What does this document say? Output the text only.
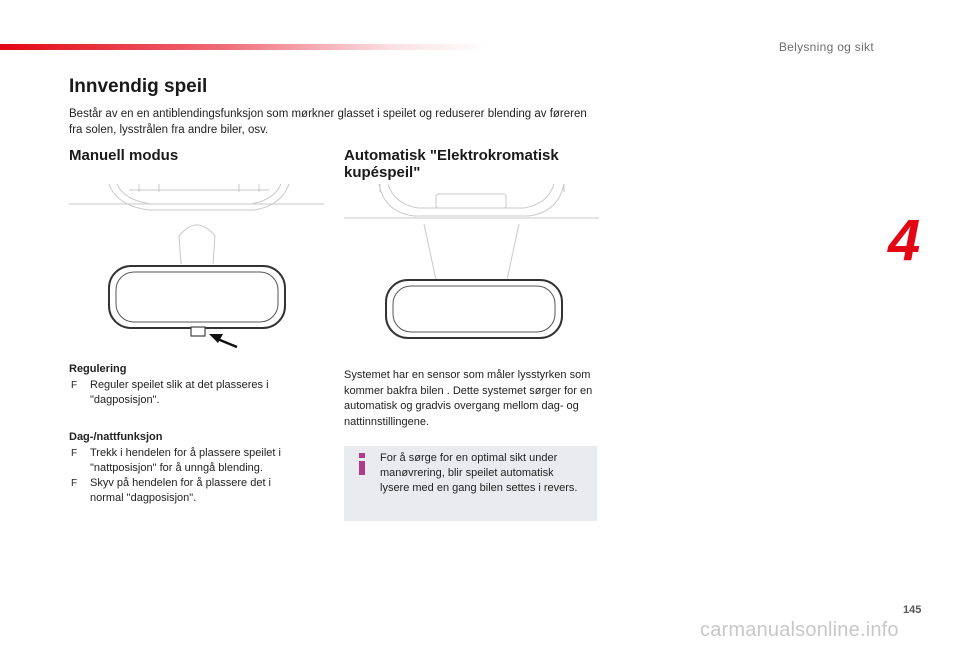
Belysning og sikt
4
Innvendig speil

Består av en en antiblendingsfunksjon som mørkner glasset i speilet og reduserer blending av føreren fra solen, lysstrålen fra andre biler, osv.

Manuell modus	Automatisk "Elektrokromatisk kupéspeil"
Regulering
F Reguler speilet slik at det plasseres i "dagposisjon".
Dag-/nattfunksjon
F Trekk i hendelen for å plassere speilet i "nattposisjon" for å unngå blending.
F Skyv på hendelen for å plassere det i normal "dagposisjon".

Systemet har en sensor som måler lysstyrken som kommer bakfra bilen . Dette systemet sørger for en automatisk og gradvis overgang mellom dag- og nattinnstillingene.

For å sørge for en optimal sikt under manøvrering, blir speilet automatisk lysere med en gang bilen settes i revers.

145
carmanualsonline.info
